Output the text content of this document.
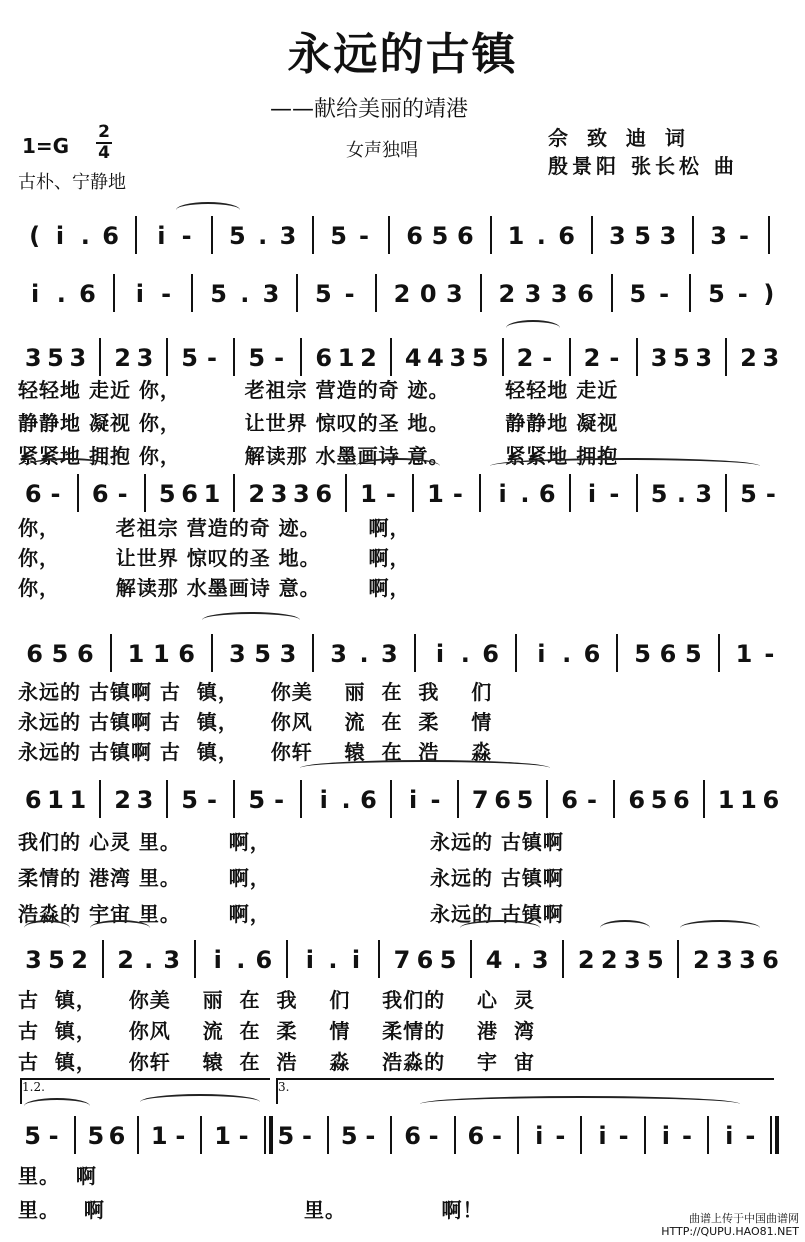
永远的古镇
——献给美丽的靖港
1=G
2
4	女声独唱
古朴、宁静地
佘 致 迪 词
殷景阳 张长松 曲
( i . 6 i - 5 . 3 5 - 6 5 6 1 . 6 3 5 3 3 -
i . 6 i - 5 . 3 5 - 2 0 3 2 3 3 6 5 - 5 - )
3 5 3 2 3 5 - 5 - 6 1 2 4 4 3 5 2 - 2 - 3 5 3 2 3
6 - 6 - 5 6 1 2 3 3 6 1 - 1 - i . 6 i - 5 . 3 5 -
6 5 6 1 1 6 3 5 3 3 . 3 i . 6 i . 6 5 6 5 1 -
6 1 1 2 3 5 - 5 - i . 6 i - 7 6 5 6 - 6 5 6 1 1 6
3 5 2 2 . 3 i . 6 i . i 7 6 5 4 . 3 2 2 3 5 2 3 3 6
5 - 5 6 1 - 1 - 5 - 5 - 6 - 6 - i - i - i - i -
轻轻地 走近 你，        老祖宗 营造的奇 迹。       轻轻地 走近
静静地 凝视 你，        让世界 惊叹的圣 地。       静静地 凝视
紧紧地 拥抱 你，        解读那 水墨画诗 意。       紧紧地 拥抱
你，       老祖宗 营造的奇 迹。      啊，
你，       让世界 惊叹的圣 地。      啊，
你，       解读那 水墨画诗 意。      啊，
永远的 古镇啊 古  镇，    你美    丽  在  我    们
永远的 古镇啊 古  镇，    你风    流  在  柔    情
永远的 古镇啊 古  镇，    你轩    辕  在  浩    淼
我们的 心灵 里。      啊，                    永远的 古镇啊
柔情的 港湾 里。      啊，                    永远的 古镇啊
浩淼的 宇宙 里。      啊，                    永远的 古镇啊
古  镇，    你美    丽  在  我    们    我们的    心  灵
古  镇，    你风    流  在  柔    情    柔情的    港  湾
古  镇，    你轩    辕  在  浩    淼    浩淼的    宇  宙
里。  啊
里。   啊                         里。            啊！
1.2.	3.
曲谱上传于中国曲谱网
HTTP://QUPU.HAO81.NET
